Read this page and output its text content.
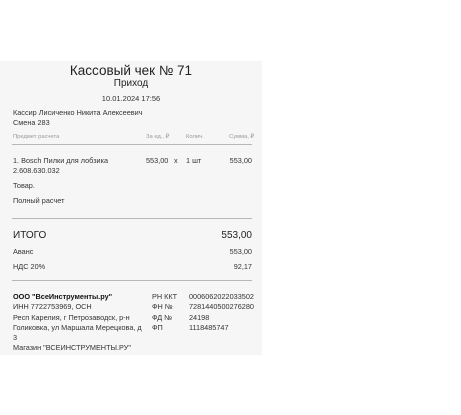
Кассовый чек № 71
Приход
10.01.2024 17:56
Кассир Лисиченко Никита Алексеевич
Смена 283
Предмет расчета	За ед., ₽	Колич.	Сумма, ₽
1. Bosch Пилки для лобзика
2.608.630.032
553,00 x 1 шт	553,00
Товар.
Полный расчет
ИТОГО	553,00
Аванс	553,00
НДС 20%	92,17
ООО "ВсеИнструменты.ру"
ИНН 7722753969, ОСН
Респ Карелия, г Петрозаводск, р-н
Голиковка, ул Маршала Мерецкова, д
3
Магазин "ВСЕИНСТРУМЕНТЫ.РУ"
РН ККТ 0006062022033502
ФН № 7281440500276280
ФД № 24198
ФП	1118485747
